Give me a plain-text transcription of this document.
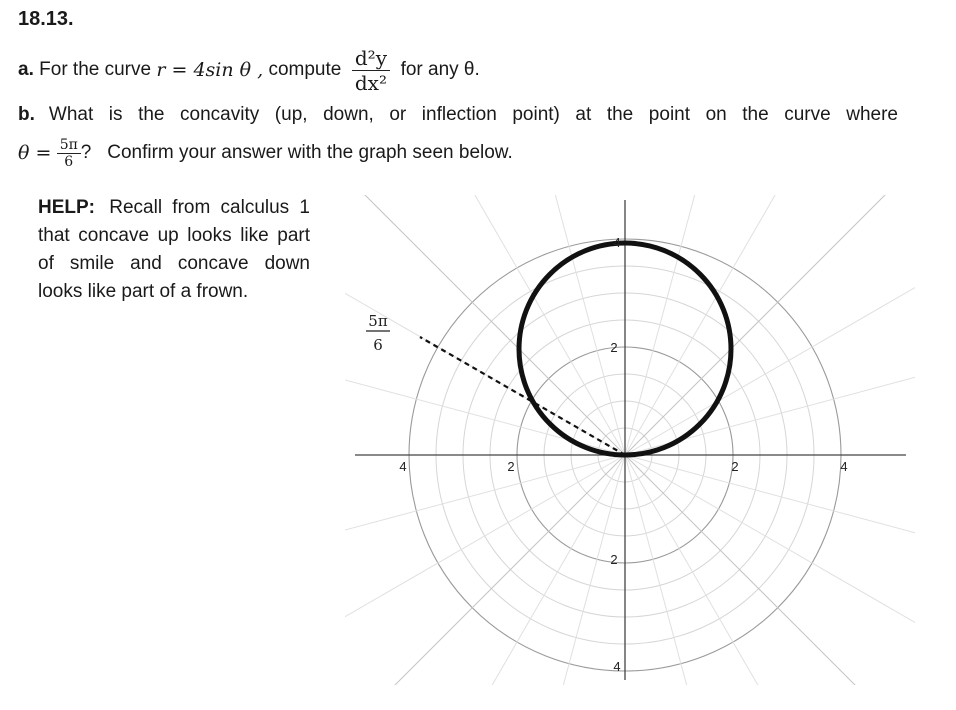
18.13.
a.
For the curve
r = 4sin θ ,
compute
$\frac{\text{d²y}}{\text{dx²}}$
for any θ.
b. What is the concavity (up, down, or inflection point) at the point on the curve where
θ =
$\frac{5\pi}{6}$ ?
Confirm your answer with the graph seen below.
HELP: Recall from calculus 1 that concave up looks like part of smile and concave down looks like part of a frown.
4	2	2	4
4
2
2
4
5π
6
